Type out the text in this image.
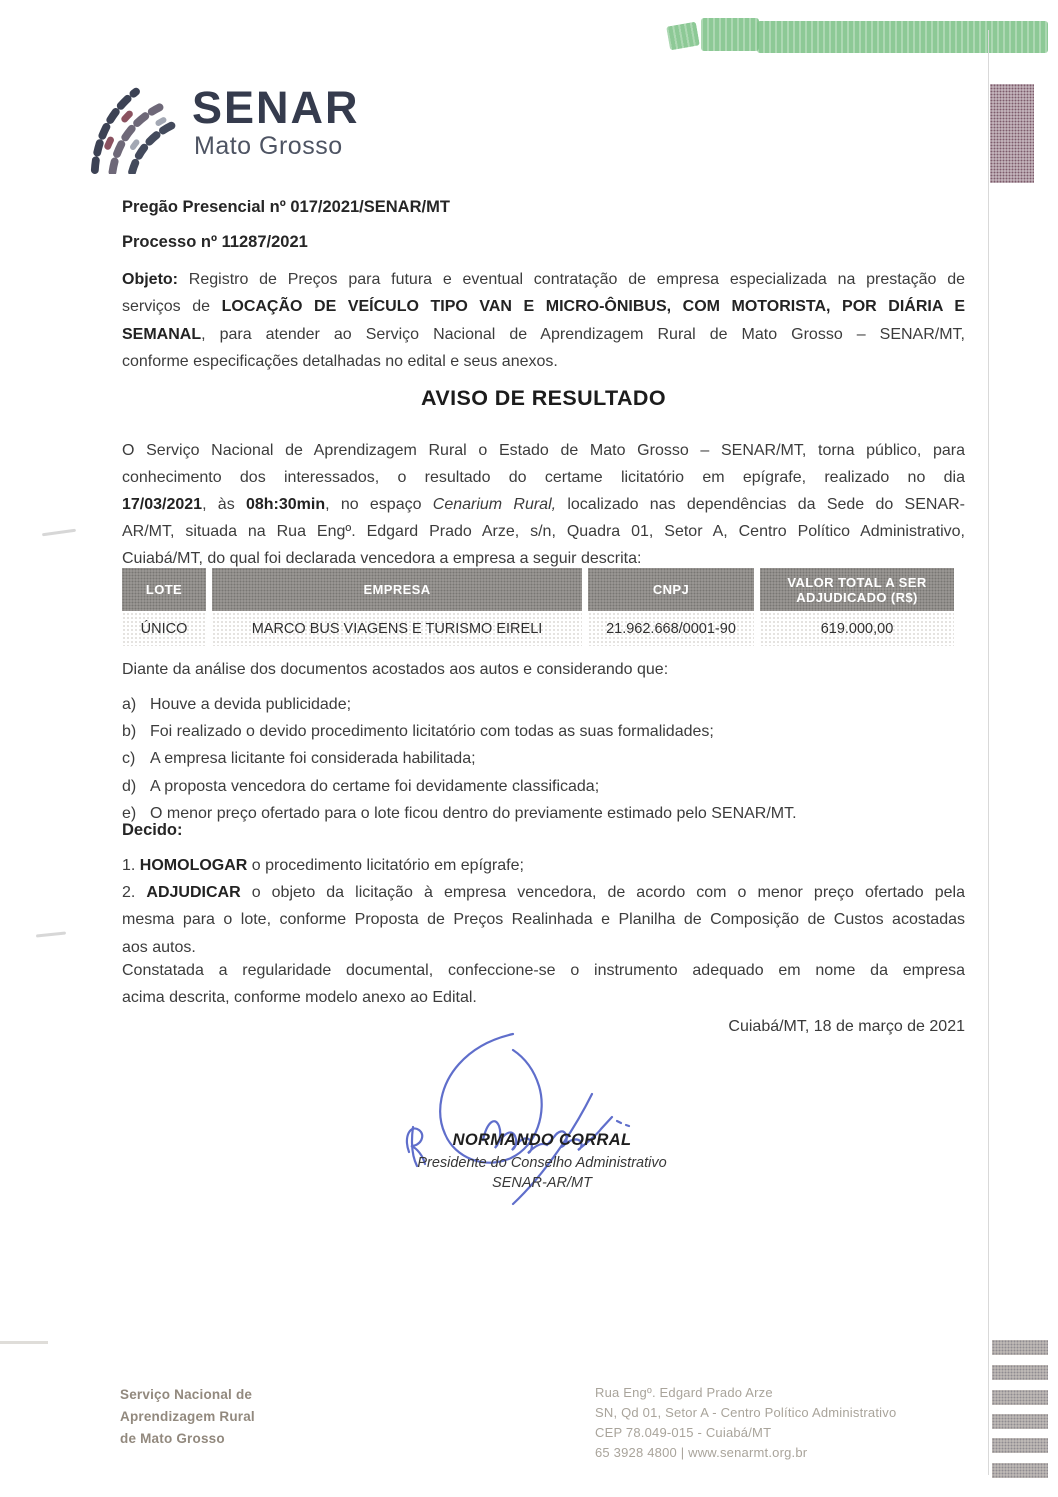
SENAR
Mato Grosso
Pregão Presencial nº 017/2021/SENAR/MT
Processo nº 11287/2021
Objeto: Registro de Preços para futura e eventual contratação de empresa especializada na prestação de
serviços de LOCAÇÃO DE VEÍCULO TIPO VAN E MICRO-ÔNIBUS, COM MOTORISTA, POR DIÁRIA E
SEMANAL, para atender ao Serviço Nacional de Aprendizagem Rural de Mato Grosso – SENAR/MT,
conforme especificações detalhadas no edital e seus anexos.
AVISO DE RESULTADO
O Serviço Nacional de Aprendizagem Rural o Estado de Mato Grosso – SENAR/MT, torna público, para
conhecimento dos interessados, o resultado do certame licitatório em epígrafe, realizado no dia
17/03/2021, às 08h:30min, no espaço Cenarium Rural, localizado nas dependências da Sede do SENAR-
AR/MT, situada na Rua Engº. Edgard Prado Arze, s/n, Quadra 01, Setor A, Centro Político Administrativo,
Cuiabá/MT, do qual foi declarada vencedora a empresa a seguir descrita:
LOTE	EMPRESA	CNPJ	VALOR TOTAL A SER
ADJUDICADO (R$)
ÚNICO	MARCO BUS VIAGENS E TURISMO EIRELI	21.962.668/0001-90	619.000,00
Diante da análise dos documentos acostados aos autos e considerando que:
a) Houve a devida publicidade;
b) Foi realizado o devido procedimento licitatório com todas as suas formalidades;
c) A empresa licitante foi considerada habilitada;
d) A proposta vencedora do certame foi devidamente classificada;
e) O menor preço ofertado para o lote ficou dentro do previamente estimado pelo SENAR/MT.
Decido:
1. HOMOLOGAR o procedimento licitatório em epígrafe;
2. ADJUDICAR o objeto da licitação à empresa vencedora, de acordo com o menor preço ofertado pela
mesma para o lote, conforme Proposta de Preços Realinhada e Planilha de Composição de Custos acostadas
aos autos.
Constatada a regularidade documental, confeccione-se o instrumento adequado em nome da empresa
acima descrita, conforme modelo anexo ao Edital.
Cuiabá/MT, 18 de março de 2021
NORMANDO CORRAL
Presidente do Conselho Administrativo
SENAR-AR/MT
Serviço Nacional de
Aprendizagem Rural
de Mato Grosso
Rua Engº. Edgard Prado Arze
SN, Qd 01, Setor A - Centro Político Administrativo
CEP 78.049-015 - Cuiabá/MT
65 3928 4800 | www.senarmt.org.br
